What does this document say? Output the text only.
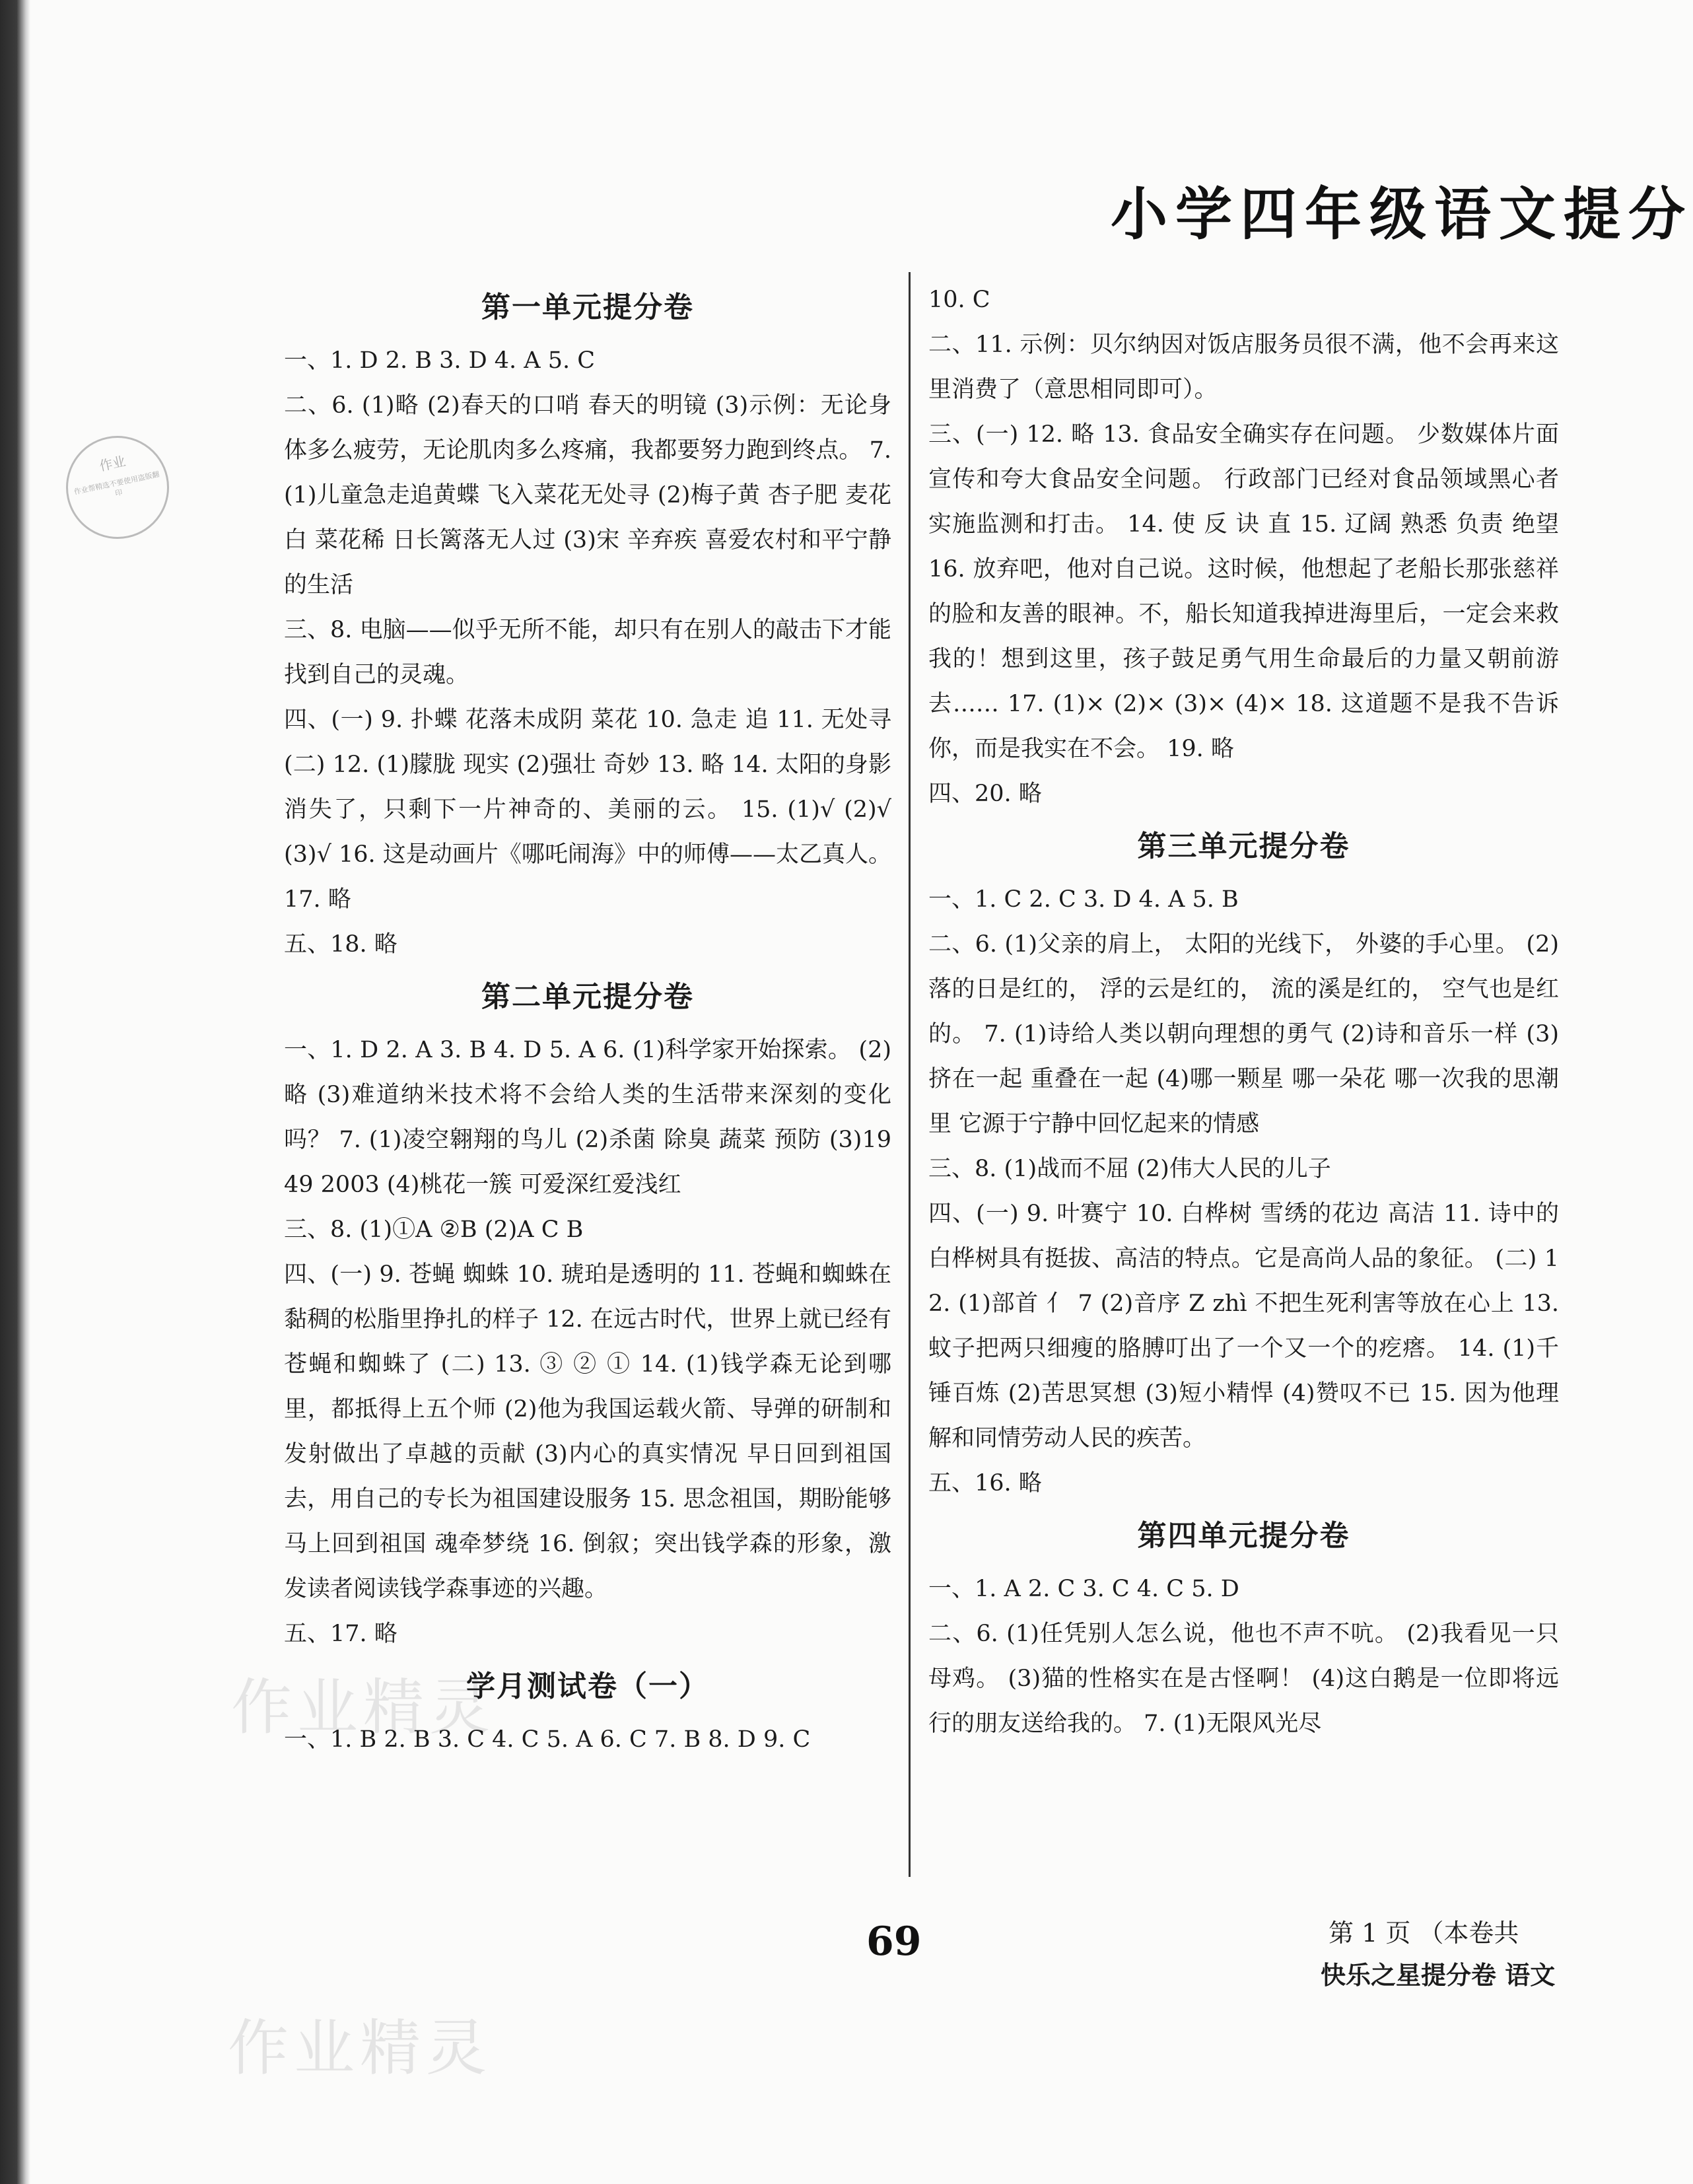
作业
作业帮精选不要使用盗版翻印
作业精灵
作业精灵
小学四年级语文提分
第一单元提分卷
一、1. D 2. B 3. D 4. A 5. C
二、6. (1)略 (2)春天的口哨 春天的明镜 (3)示例：无论身体多么疲劳，无论肌肉多么疼痛，我都要努力跑到终点。 7. (1)儿童急走追黄蝶 飞入菜花无处寻 (2)梅子黄 杏子肥 麦花白 菜花稀 日长篱落无人过 (3)宋 辛弃疾 喜爱农村和平宁静的生活
三、8. 电脑——似乎无所不能，却只有在别人的敲击下才能找到自己的灵魂。
四、(一) 9. 扑蝶 花落未成阴 菜花 10. 急走 追 11. 无处寻 (二) 12. (1)朦胧 现实 (2)强壮 奇妙 13. 略 14. 太阳的身影消失了，只剩下一片神奇的、美丽的云。 15. (1)√ (2)√ (3)√ 16. 这是动画片《哪吒闹海》中的师傅——太乙真人。 17. 略
五、18. 略
第二单元提分卷
一、1. D 2. A 3. B 4. D 5. A 6. (1)科学家开始探索。 (2)略 (3)难道纳米技术将不会给人类的生活带来深刻的变化吗？ 7. (1)凌空翱翔的鸟儿 (2)杀菌 除臭 蔬菜 预防 (3)1949 2003 (4)桃花一簇 可爱深红爱浅红
三、8. (1)①A ②B (2)A C B
四、(一) 9. 苍蝇 蜘蛛 10. 琥珀是透明的 11. 苍蝇和蜘蛛在黏稠的松脂里挣扎的样子 12. 在远古时代，世界上就已经有苍蝇和蜘蛛了 (二) 13. ③ ② ① 14. (1)钱学森无论到哪里，都抵得上五个师 (2)他为我国运载火箭、导弹的研制和发射做出了卓越的贡献 (3)内心的真实情况 早日回到祖国去，用自己的专长为祖国建设服务 15. 思念祖国，期盼能够马上回到祖国 魂牵梦绕 16. 倒叙；突出钱学森的形象，激发读者阅读钱学森事迹的兴趣。
五、17. 略
学月测试卷（一）
一、1. B 2. B 3. C 4. C 5. A 6. C 7. B 8. D 9. C
10. C
二、11. 示例：贝尔纳因对饭店服务员很不满，他不会再来这里消费了（意思相同即可）。
三、(一) 12. 略 13. 食品安全确实存在问题。 少数媒体片面宣传和夸大食品安全问题。 行政部门已经对食品领域黑心者实施监测和打击。 14. 使 反 诀 直 15. 辽阔 熟悉 负责 绝望 16. 放弃吧，他对自己说。这时候，他想起了老船长那张慈祥的脸和友善的眼神。不，船长知道我掉进海里后，一定会来救我的！想到这里，孩子鼓足勇气用生命最后的力量又朝前游去…… 17. (1)× (2)× (3)× (4)× 18. 这道题不是我不告诉你，而是我实在不会。 19. 略
四、20. 略
第三单元提分卷
一、1. C 2. C 3. D 4. A 5. B
二、6. (1)父亲的肩上， 太阳的光线下， 外婆的手心里。 (2)落的日是红的， 浮的云是红的， 流的溪是红的， 空气也是红的。 7. (1)诗给人类以朝向理想的勇气 (2)诗和音乐一样 (3)挤在一起 重叠在一起 (4)哪一颗星 哪一朵花 哪一次我的思潮里 它源于宁静中回忆起来的情感
三、8. (1)战而不屈 (2)伟大人民的儿子
四、(一) 9. 叶赛宁 10. 白桦树 雪绣的花边 高洁 11. 诗中的白桦树具有挺拔、高洁的特点。它是高尚人品的象征。 (二) 12. (1)部首 亻 7 (2)音序 Z zhì 不把生死利害等放在心上 13. 蚊子把两只细瘦的胳膊叮出了一个又一个的疙瘩。 14. (1)千锤百炼 (2)苦思冥想 (3)短小精悍 (4)赞叹不已 15. 因为他理解和同情劳动人民的疾苦。
五、16. 略
第四单元提分卷
一、1. A 2. C 3. C 4. C 5. D
二、6. (1)任凭别人怎么说，他也不声不吭。 (2)我看见一只母鸡。 (3)猫的性格实在是古怪啊！ (4)这白鹅是一位即将远行的朋友送给我的。 7. (1)无限风光尽
69	第 1 页 （本卷共
快乐之星提分卷 语文
